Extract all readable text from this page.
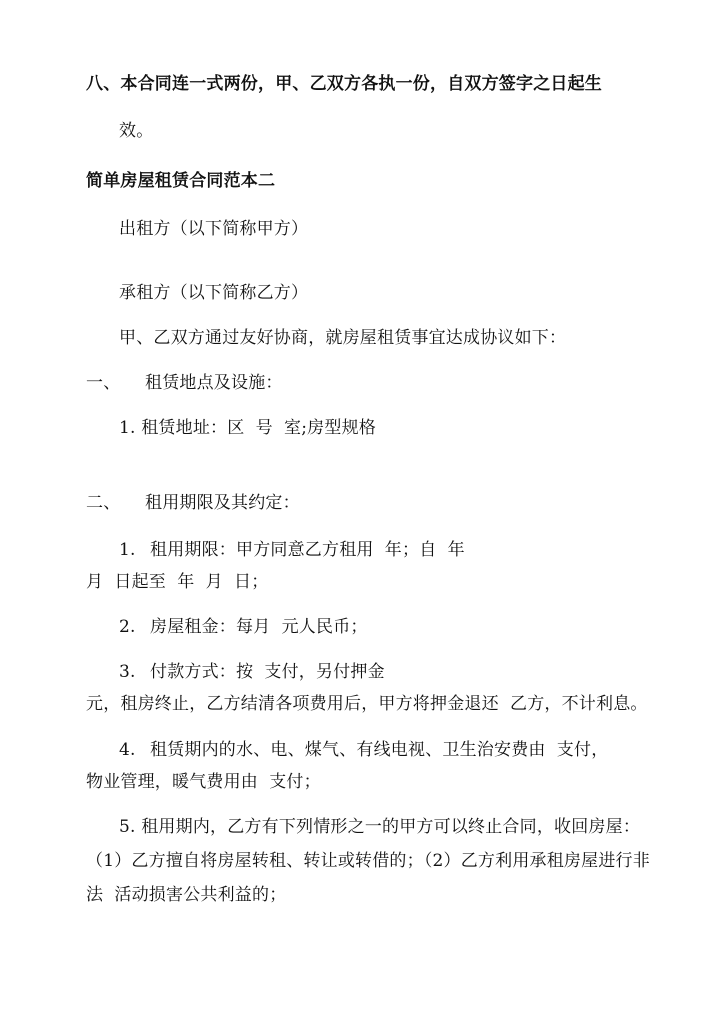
八、本合同连一式两份，甲、乙双方各执一份，自双方签字之日起生
效。
简单房屋租赁合同范本二
出租方（以下简称甲方）
承租方（以下简称乙方）
甲、乙双方通过友好协商，就房屋租赁事宜达成协议如下：
一、 租赁地点及设施：
1. 租赁地址：区  号  室;房型规格
二、 租用期限及其约定：
1. 租用期限：甲方同意乙方租用  年；自  年
月  日起至  年  月  日；
2. 房屋租金：每月  元人民币；
3. 付款方式：按  支付，另付押金
元，租房终止，乙方结清各项费用后，甲方将押金退还  乙方，不计利息。
4. 租赁期内的水、电、煤气、有线电视、卫生治安费由  支付，
物业管理，暖气费用由  支付；
5. 租用期内，乙方有下列情形之一的甲方可以终止合同，收回房屋：
（1）乙方擅自将房屋转租、转让或转借的；（2）乙方利用承租房屋进行非
法  活动损害公共利益的；
